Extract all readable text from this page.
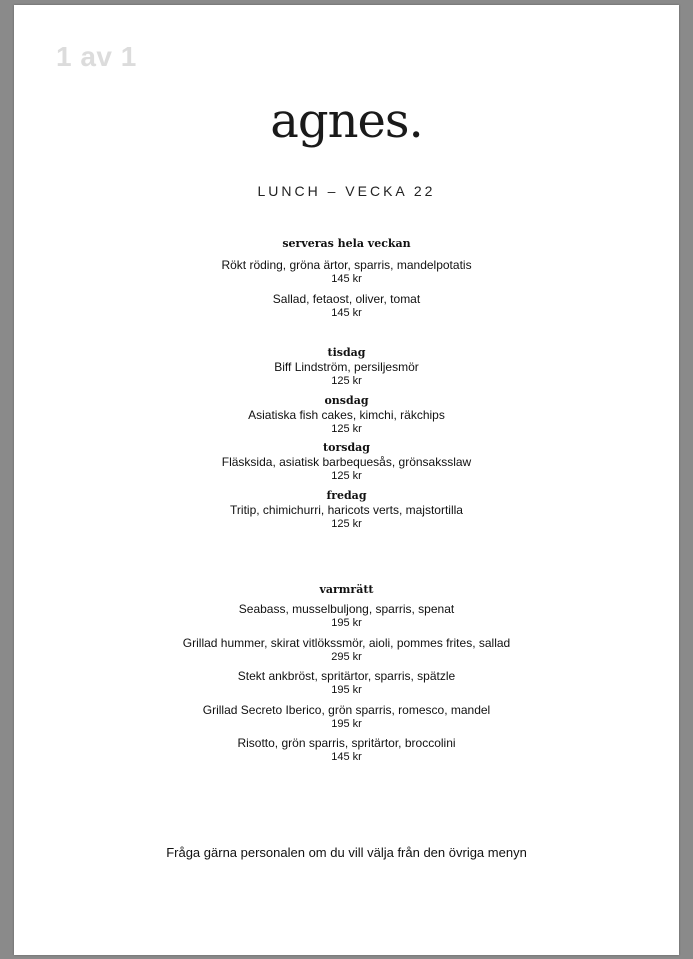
1 av 1
agnes.
LUNCH – VECKA 22
serveras hela veckan
Rökt röding, gröna ärtor, sparris, mandelpotatis
145 kr
Sallad, fetaost, oliver, tomat
145 kr
tisdag
Biff Lindström, persiljesmör
125 kr
onsdag
Asiatiska fish cakes, kimchi, räkchips
125 kr
torsdag
Fläsksida, asiatisk barbequesås, grönsaksslaw
125 kr
fredag
Tritip, chimichurri, haricots verts, majstortilla
125 kr
varmrätt
Seabass, musselbuljong, sparris, spenat
195 kr
Grillad hummer, skirat vitlökssmör, aioli, pommes frites, sallad
295 kr
Stekt ankbröst, spritärtor, sparris, spätzle
195 kr
Grillad Secreto Iberico, grön sparris, romesco, mandel
195 kr
Risotto, grön sparris, spritärtor, broccolini
145 kr
Fråga gärna personalen om du vill välja från den övriga menyn
